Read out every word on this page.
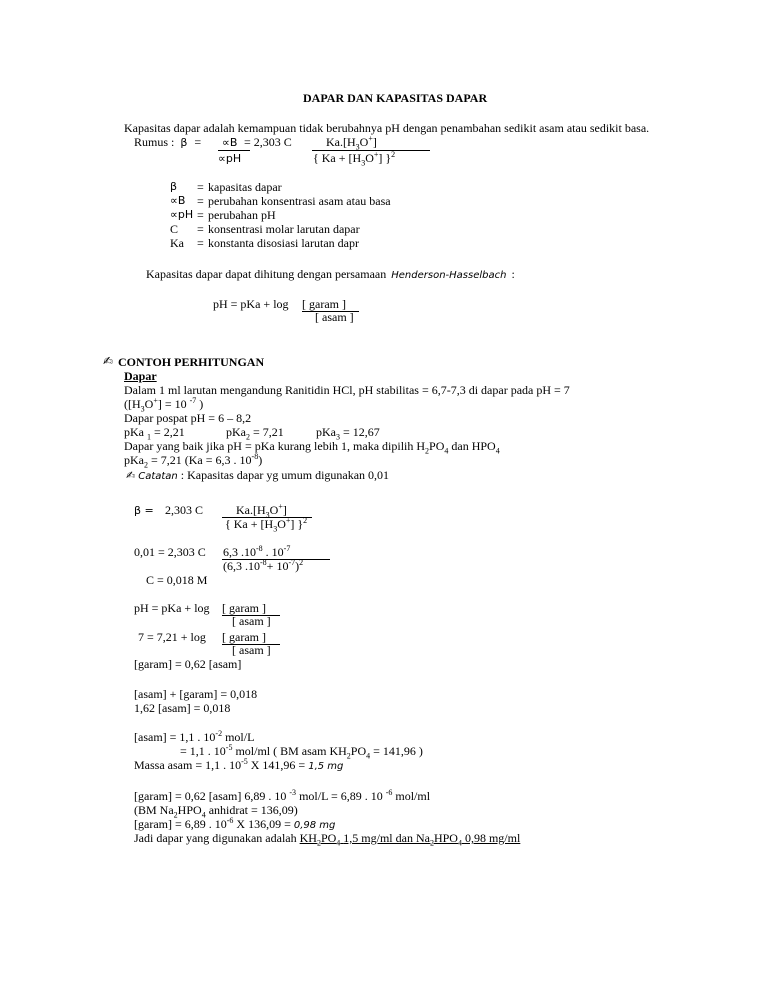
DAPAR DAN KAPASITAS DAPAR
Kapasitas dapar adalah kemampuan tidak berubahnya pH dengan penambahan sedikit asam atau sedikit basa.
Rumus : β = ∝B = 2,303 C	$Ka.[H_3O^+]$
∝pH	{ $Ka + [H_3O^+]$ }$^2$
β = kapasitas dapar
∝B = perubahan konsentrasi asam atau basa
∝pH = perubahan pH
C = konsentrasi molar larutan dapar
Ka = konstanta disosiasi larutan dapr
Kapasitas dapar dapat dihitung dengan persamaan Henderson-Hasselbach :
pH = pKa + log [ garam ]
[ asam ]
✍ CONTOH PERHITUNGAN
Dapar
Dalam 1 ml larutan mengandung Ranitidin HCl, pH stabilitas = 6,7-7,3 di dapar pada pH = 7
($[H_3O^+] = 10$ $^{-7}$ )
Dapar pospat pH = 6 – 8,2
pKa $_1$ = 2,21	pKa$_2$ = 7,21	pKa$_3$ = 12,67
Dapar yang baik jika pH = pKa kurang lebih 1, maka dipilih $H_2PO_4$ dan $HPO_4$
pKa$_2$ = 7,21 (Ka = 6,3 . $10^{-8}$)
✍ Catatan : Kapasitas dapar yg umum digunakan 0,01
β = 2,303 C	$Ka.[H_3O^+]$
{ $Ka + [H_3O^+]$ }$^2$
0,01 = 2,303 C 6,3 $.10^{-8}$ . $10^{-7}$
(6,3 $.10^{-8}+ 10^{-7})^2$
C = 0,018 M
pH = pKa + log [ garam ]
[ asam ]
7 = 7,21 + log [ garam ]
[ asam ]
[garam] = 0,62 [asam]
[asam] + [garam] = 0,018
1,62 [asam] = 0,018
[asam] = 1,1 . $10^{-2}$ mol/L
= 1,1 . $10^{-5}$ mol/ml ( BM asam $KH_2PO_4 = 141,96$ )
Massa asam = 1,1 . $10^{-5}$ X 141,96 = 1,5 mg
[garam] = 0,62 [asam] 6,89 . 10 $^{-3}$ mol/L = 6,89 . 10 $^{-6}$ mol/ml
(BM $Na_2HPO_4$ anhidrat = 136,09)
[garam] = 6,89 . $10^{-6}$ X 136,09 = 0,98 mg
Jadi dapar yang digunakan adalah $KH_2PO_4$ 1,5 mg/ml dan $Na_2HPO_4$ 0,98 mg/ml
